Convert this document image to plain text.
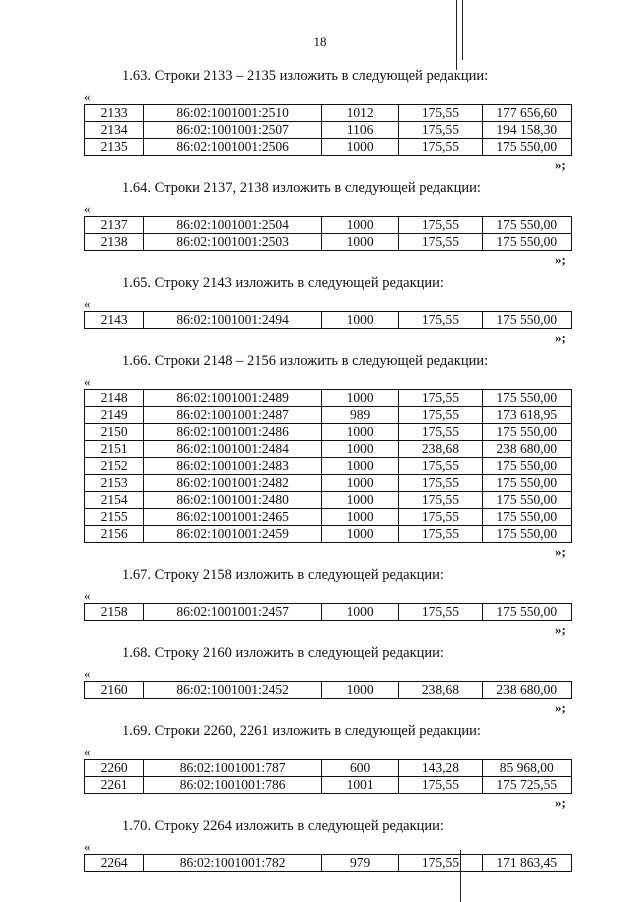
18
1.63. Строки 2133 – 2135 изложить в следующей редакции:
«
2133	86:02:1001001:2510	1012	175,55	177 656,60
2134	86:02:1001001:2507	1106	175,55	194 158,30
2135	86:02:1001001:2506	1000	175,55	175 550,00
»;
1.64. Строки 2137, 2138 изложить в следующей редакции:
«
2137	86:02:1001001:2504	1000	175,55	175 550,00
2138	86:02:1001001:2503	1000	175,55	175 550,00
»;
1.65. Строку 2143 изложить в следующей редакции:
«
2143	86:02:1001001:2494	1000	175,55	175 550,00
»;
1.66. Строки 2148 – 2156 изложить в следующей редакции:
«
2148	86:02:1001001:2489	1000	175,55	175 550,00
2149	86:02:1001001:2487	989	175,55	173 618,95
2150	86:02:1001001:2486	1000	175,55	175 550,00
2151	86:02:1001001:2484	1000	238,68	238 680,00
2152	86:02:1001001:2483	1000	175,55	175 550,00
2153	86:02:1001001:2482	1000	175,55	175 550,00
2154	86:02:1001001:2480	1000	175,55	175 550,00
2155	86:02:1001001:2465	1000	175,55	175 550,00
2156	86:02:1001001:2459	1000	175,55	175 550,00
»;
1.67. Строку 2158 изложить в следующей редакции:
«
2158	86:02:1001001:2457	1000	175,55	175 550,00
»;
1.68. Строку 2160 изложить в следующей редакции:
«
2160	86:02:1001001:2452	1000	238,68	238 680,00
»;
1.69. Строки 2260, 2261 изложить в следующей редакции:
«
2260	86:02:1001001:787	600	143,28	85 968,00
2261	86:02:1001001:786	1001	175,55	175 725,55
»;
1.70. Строку 2264 изложить в следующей редакции:
«
2264	86:02:1001001:782	979	175,55	171 863,45
